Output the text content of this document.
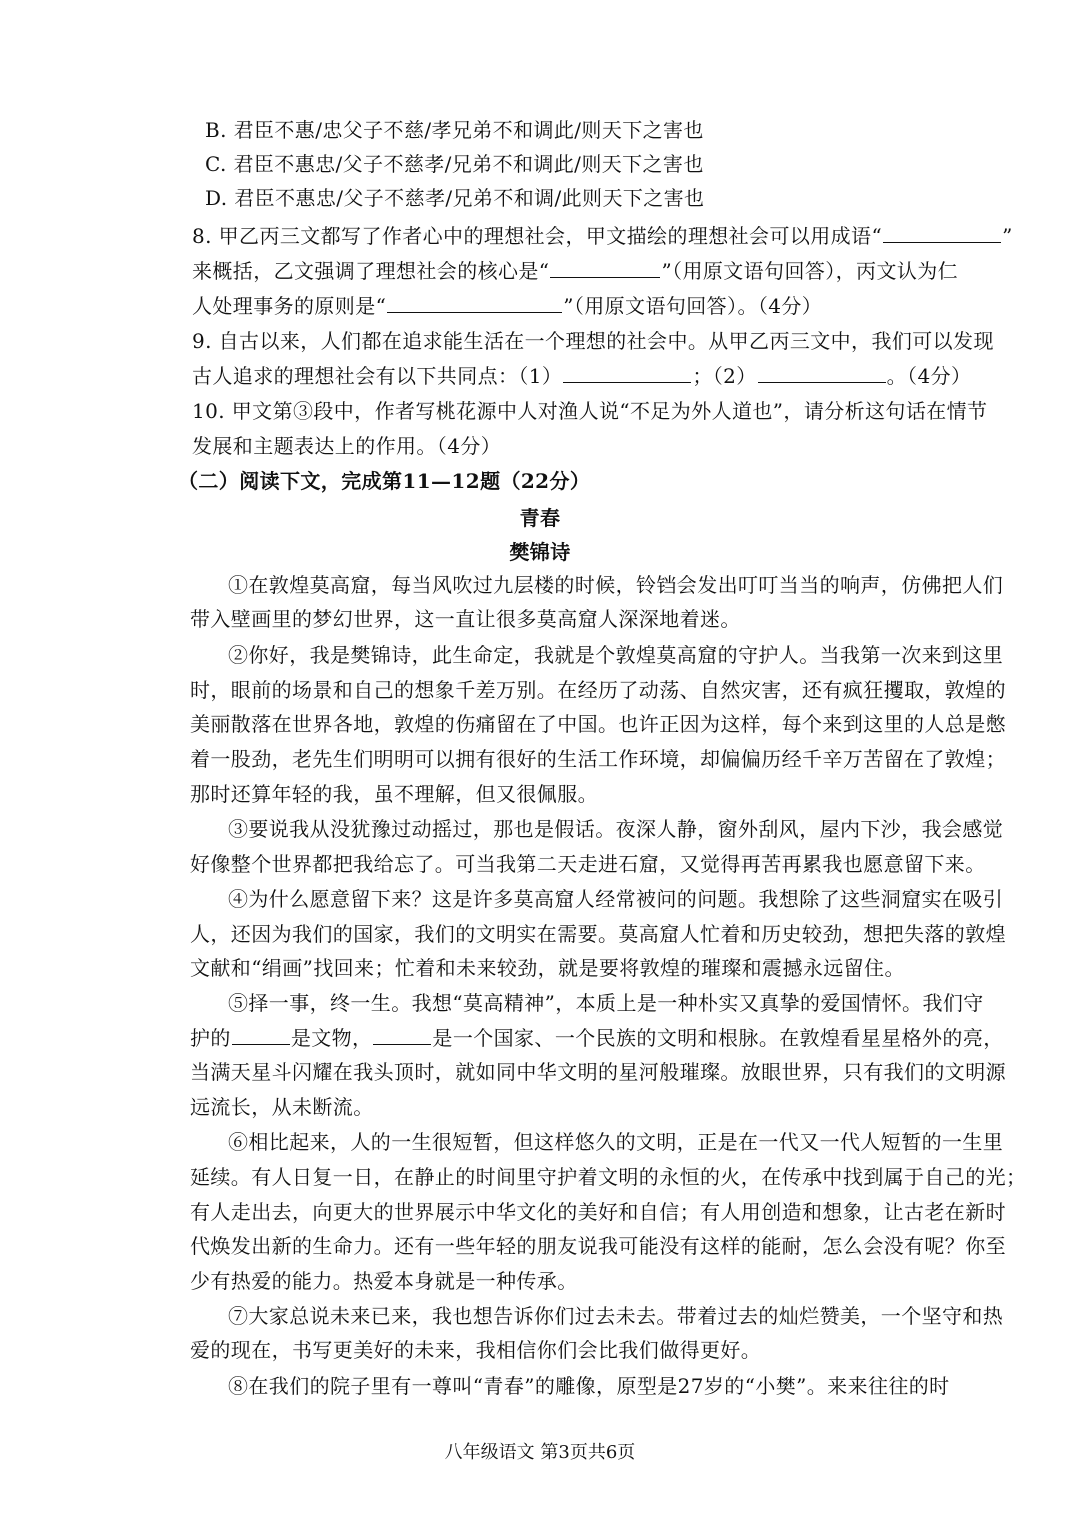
B. 君臣不惠/忠父子不慈/孝兄弟不和调此/则天下之害也
C. 君臣不惠忠/父子不慈孝/兄弟不和调此/则天下之害也
D. 君臣不惠忠/父子不慈孝/兄弟不和调/此则天下之害也
8. 甲乙丙三文都写了作者心中的理想社会，甲文描绘的理想社会可以用成语“	”
来概括，乙文强调了理想社会的核心是“	”（用原文语句回答），丙文认为仁
人处理事务的原则是“	”（用原文语句回答）。（4分）
9. 自古以来，人们都在追求能生活在一个理想的社会中。从甲乙丙三文中，我们可以发现
古人追求的理想社会有以下共同点：（1）	；（2）	。（4分）
10. 甲文第③段中，作者写桃花源中人对渔人说“不足为外人道也”，请分析这句话在情节
发展和主题表达上的作用。（4分）
（二）阅读下文，完成第11—12题（22分）
青春
樊锦诗
①在敦煌莫高窟，每当风吹过九层楼的时候，铃铛会发出叮叮当当的响声，仿佛把人们
带入壁画里的梦幻世界，这一直让很多莫高窟人深深地着迷。
②你好，我是樊锦诗，此生命定，我就是个敦煌莫高窟的守护人。当我第一次来到这里
时，眼前的场景和自己的想象千差万别。在经历了动荡、自然灾害，还有疯狂攫取，敦煌的
美丽散落在世界各地，敦煌的伤痛留在了中国。也许正因为这样，每个来到这里的人总是憋
着一股劲，老先生们明明可以拥有很好的生活工作环境，却偏偏历经千辛万苦留在了敦煌；
那时还算年轻的我，虽不理解，但又很佩服。
③要说我从没犹豫过动摇过，那也是假话。夜深人静，窗外刮风，屋内下沙，我会感觉
好像整个世界都把我给忘了。可当我第二天走进石窟，又觉得再苦再累我也愿意留下来。
④为什么愿意留下来？这是许多莫高窟人经常被问的问题。我想除了这些洞窟实在吸引
人，还因为我们的国家，我们的文明实在需要。莫高窟人忙着和历史较劲，想把失落的敦煌
文献和“绢画”找回来；忙着和未来较劲，就是要将敦煌的璀璨和震撼永远留住。
⑤择一事，终一生。我想“莫高精神”，本质上是一种朴实又真挚的爱国情怀。我们守
护的	是文物，	是一个国家、一个民族的文明和根脉。在敦煌看星星格外的亮，
当满天星斗闪耀在我头顶时，就如同中华文明的星河般璀璨。放眼世界，只有我们的文明源
远流长，从未断流。
⑥相比起来，人的一生很短暂，但这样悠久的文明，正是在一代又一代人短暂的一生里
延续。有人日复一日，在静止的时间里守护着文明的永恒的火，在传承中找到属于自己的光；
有人走出去，向更大的世界展示中华文化的美好和自信；有人用创造和想象，让古老在新时
代焕发出新的生命力。还有一些年轻的朋友说我可能没有这样的能耐，怎么会没有呢？你至
少有热爱的能力。热爱本身就是一种传承。
⑦大家总说未来已来，我也想告诉你们过去未去。带着过去的灿烂赞美，一个坚守和热
爱的现在，书写更美好的未来，我相信你们会比我们做得更好。
⑧在我们的院子里有一尊叫“青春”的雕像，原型是27岁的“小樊”。来来往往的时
八年级语文 第3页共6页
